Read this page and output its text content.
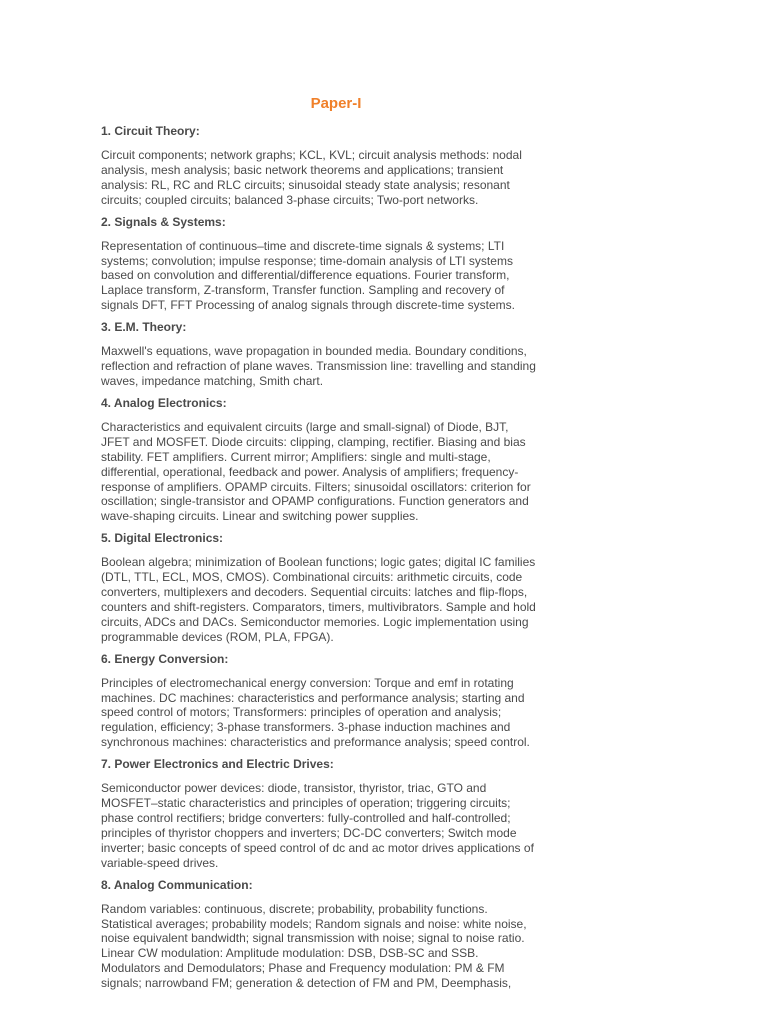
Paper-I
1. Circuit Theory:
Circuit components; network graphs; KCL, KVL; circuit analysis methods: nodal
analysis, mesh analysis; basic network theorems and applications; transient
analysis: RL, RC and RLC circuits; sinusoidal steady state analysis; resonant
circuits; coupled circuits; balanced 3-phase circuits; Two-port networks.
2. Signals & Systems:
Representation of continuous–time and discrete-time signals & systems; LTI
systems; convolution; impulse response; time-domain analysis of LTI systems
based on convolution and differential/difference equations. Fourier transform,
Laplace transform, Z-transform, Transfer function. Sampling and recovery of
signals DFT, FFT Processing of analog signals through discrete-time systems.
3. E.M. Theory:
Maxwell's equations, wave propagation in bounded media. Boundary conditions,
reflection and refraction of plane waves. Transmission line: travelling and standing
waves, impedance matching, Smith chart.
4. Analog Electronics:
Characteristics and equivalent circuits (large and small-signal) of Diode, BJT,
JFET and MOSFET. Diode circuits: clipping, clamping, rectifier. Biasing and bias
stability. FET amplifiers. Current mirror; Amplifiers: single and multi-stage,
differential, operational, feedback and power. Analysis of amplifiers; frequency-
response of amplifiers. OPAMP circuits. Filters; sinusoidal oscillators: criterion for
oscillation; single-transistor and OPAMP configurations. Function generators and
wave-shaping circuits. Linear and switching power supplies.
5. Digital Electronics:
Boolean algebra; minimization of Boolean functions; logic gates; digital IC families
(DTL, TTL, ECL, MOS, CMOS). Combinational circuits: arithmetic circuits, code
converters, multiplexers and decoders. Sequential circuits: latches and flip-flops,
counters and shift-registers. Comparators, timers, multivibrators. Sample and hold
circuits, ADCs and DACs. Semiconductor memories. Logic implementation using
programmable devices (ROM, PLA, FPGA).
6. Energy Conversion:
Principles of electromechanical energy conversion: Torque and emf in rotating
machines. DC machines: characteristics and performance analysis; starting and
speed control of motors; Transformers: principles of operation and analysis;
regulation, efficiency; 3-phase transformers. 3-phase induction machines and
synchronous machines: characteristics and preformance analysis; speed control.
7. Power Electronics and Electric Drives:
Semiconductor power devices: diode, transistor, thyristor, triac, GTO and
MOSFET–static characteristics and principles of operation; triggering circuits;
phase control rectifiers; bridge converters: fully-controlled and half-controlled;
principles of thyristor choppers and inverters; DC-DC converters; Switch mode
inverter; basic concepts of speed control of dc and ac motor drives applications of
variable-speed drives.
8. Analog Communication:
Random variables: continuous, discrete; probability, probability functions.
Statistical averages; probability models; Random signals and noise: white noise,
noise equivalent bandwidth; signal transmission with noise; signal to noise ratio.
Linear CW modulation: Amplitude modulation: DSB, DSB-SC and SSB.
Modulators and Demodulators; Phase and Frequency modulation: PM & FM
signals; narrowband FM; generation & detection of FM and PM, Deemphasis,
